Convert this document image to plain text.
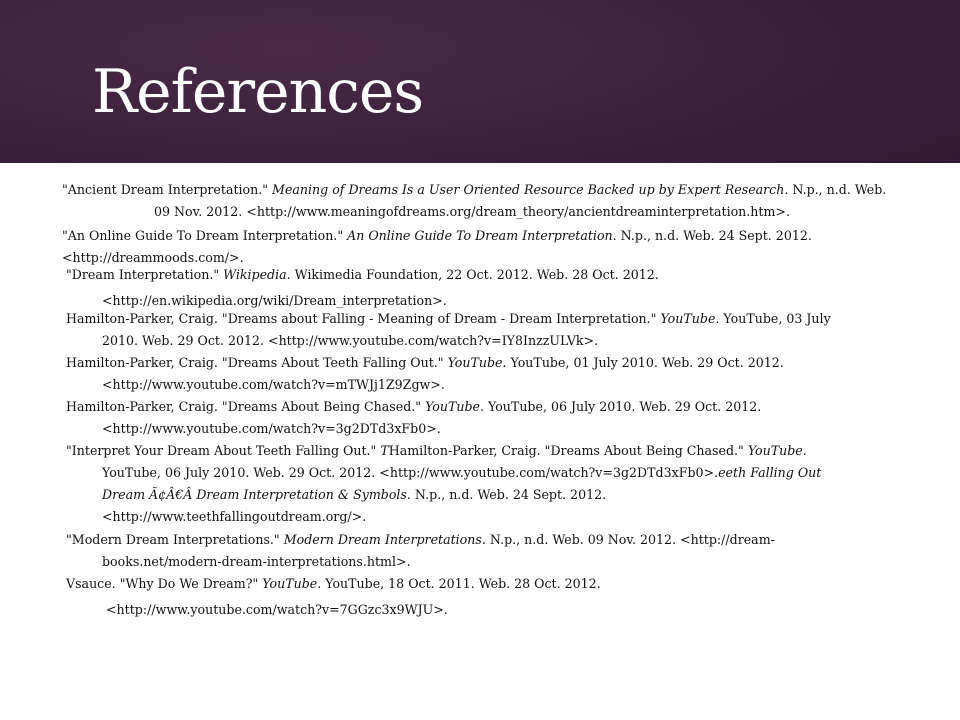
References

"Ancient Dream Interpretation." Meaning of Dreams Is a User Oriented Resource Backed up by Expert Research. N.p., n.d. Web.
09 Nov. 2012. <http://www.meaningofdreams.org/dream_theory/ancientdreaminterpretation.htm>.

"An Online Guide To Dream Interpretation." An Online Guide To Dream Interpretation. N.p., n.d. Web. 24 Sept. 2012.
<http://dreammoods.com/>.

"Dream Interpretation." Wikipedia. Wikimedia Foundation, 22 Oct. 2012. Web. 28 Oct. 2012.
<http://en.wikipedia.org/wiki/Dream_interpretation>.

Hamilton-Parker, Craig. "Dreams about Falling - Meaning of Dream - Dream Interpretation." YouTube. YouTube, 03 July
2010. Web. 29 Oct. 2012. <http://www.youtube.com/watch?v=IY8InzzULVk>.

Hamilton-Parker, Craig. "Dreams About Teeth Falling Out." YouTube. YouTube, 01 July 2010. Web. 29 Oct. 2012.
<http://www.youtube.com/watch?v=mTWJj1Z9Zgw>.

Hamilton-Parker, Craig. "Dreams About Being Chased." YouTube. YouTube, 06 July 2010. Web. 29 Oct. 2012.
<http://www.youtube.com/watch?v=3g2DTd3xFb0>.

"Interpret Your Dream About Teeth Falling Out." THamilton-Parker, Craig. "Dreams About Being Chased." YouTube.
YouTube, 06 July 2010. Web. 29 Oct. 2012. <http://www.youtube.com/watch?v=3g2DTd3xFb0>.eeth Falling Out
Dream Ã¢Â€Â Dream Interpretation & Symbols. N.p., n.d. Web. 24 Sept. 2012.
<http://www.teethfallingoutdream.org/>.

"Modern Dream Interpretations." Modern Dream Interpretations. N.p., n.d. Web. 09 Nov. 2012. <http://dream-
books.net/modern-dream-interpretations.html>.

Vsauce. "Why Do We Dream?" YouTube. YouTube, 18 Oct. 2011. Web. 28 Oct. 2012.
<http://www.youtube.com/watch?v=7GGzc3x9WJU>.
